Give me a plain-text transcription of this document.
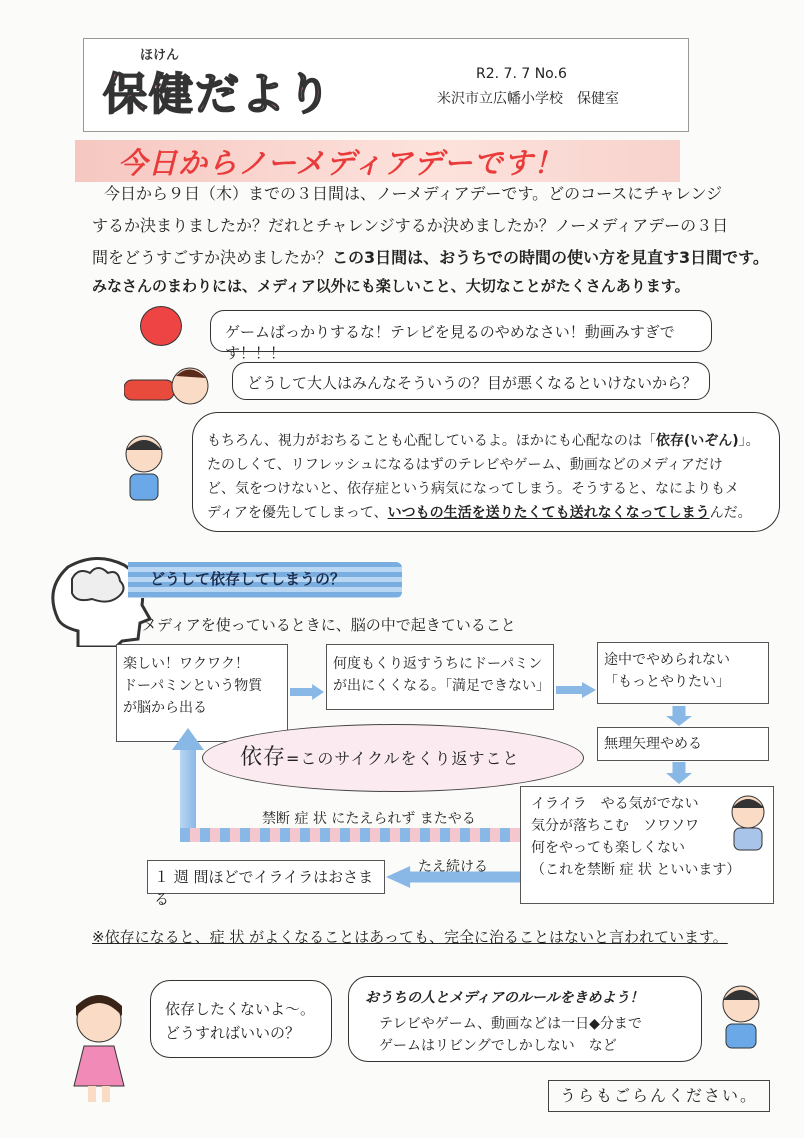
ほけん
保健だより	R2. 7. 7 No.6
米沢市立広幡小学校　保健室
今日からノーメディアデーです！
今日から９日（木）までの３日間は、ノーメディアデーです。どのコースにチャレンジ
するか決まりましたか？だれとチャレンジするか決めましたか？ノーメディアデーの３日
間をどうすごすか決めましたか？この3日間は、おうちでの時間の使い方を見直す3日間です。
みなさんのまわりには、メディア以外にも楽しいこと、大切なことがたくさんあります。
ゲームばっかりするな！テレビを見るのやめなさい！動画みすぎです！！！
どうして大人はみんなそういうの？目が悪くなるといけないから？
もちろん、視力がおちることも心配しているよ。ほかにも心配なのは「依存(いぞん)」。
たのしくて、リフレッシュになるはずのテレビやゲーム、動画などのメディアだけ
ど、気をつけないと、依存症という病気になってしまう。そうすると、なによりもメ
ディアを優先してしまって、いつもの生活を送りたくても送れなくなってしまうんだ。
どうして依存してしまうの？
メディアを使っているときに、脳の中で起きていること
楽しい！ワクワク！
ドーパミンという物質
が脳から出る
何度もくり返すうちにドーパミン
が出にくくなる。「満足できない」
途中でやめられない
「もっとやりたい」
無理矢理やめる
イライラ　やる気がでない
気分が落ちこむ　ソワソワ
何をやっても楽しくない
（これを禁断 症 状 といいます）
依存=このサイクルをくり返すこと
禁断 症 状 にたえられず またやる
たえ続ける
１ 週 間ほどでイライラはおさまる
※依存になると、症 状 がよくなることはあっても、完全に治ることはないと言われています。
依存したくないよ～。
どうすればいいの？
おうちの人とメディアのルールをきめよう！
テレビやゲーム、動画などは一日◆分まで
ゲームはリビングでしかしない　など
うらもごらんください。
